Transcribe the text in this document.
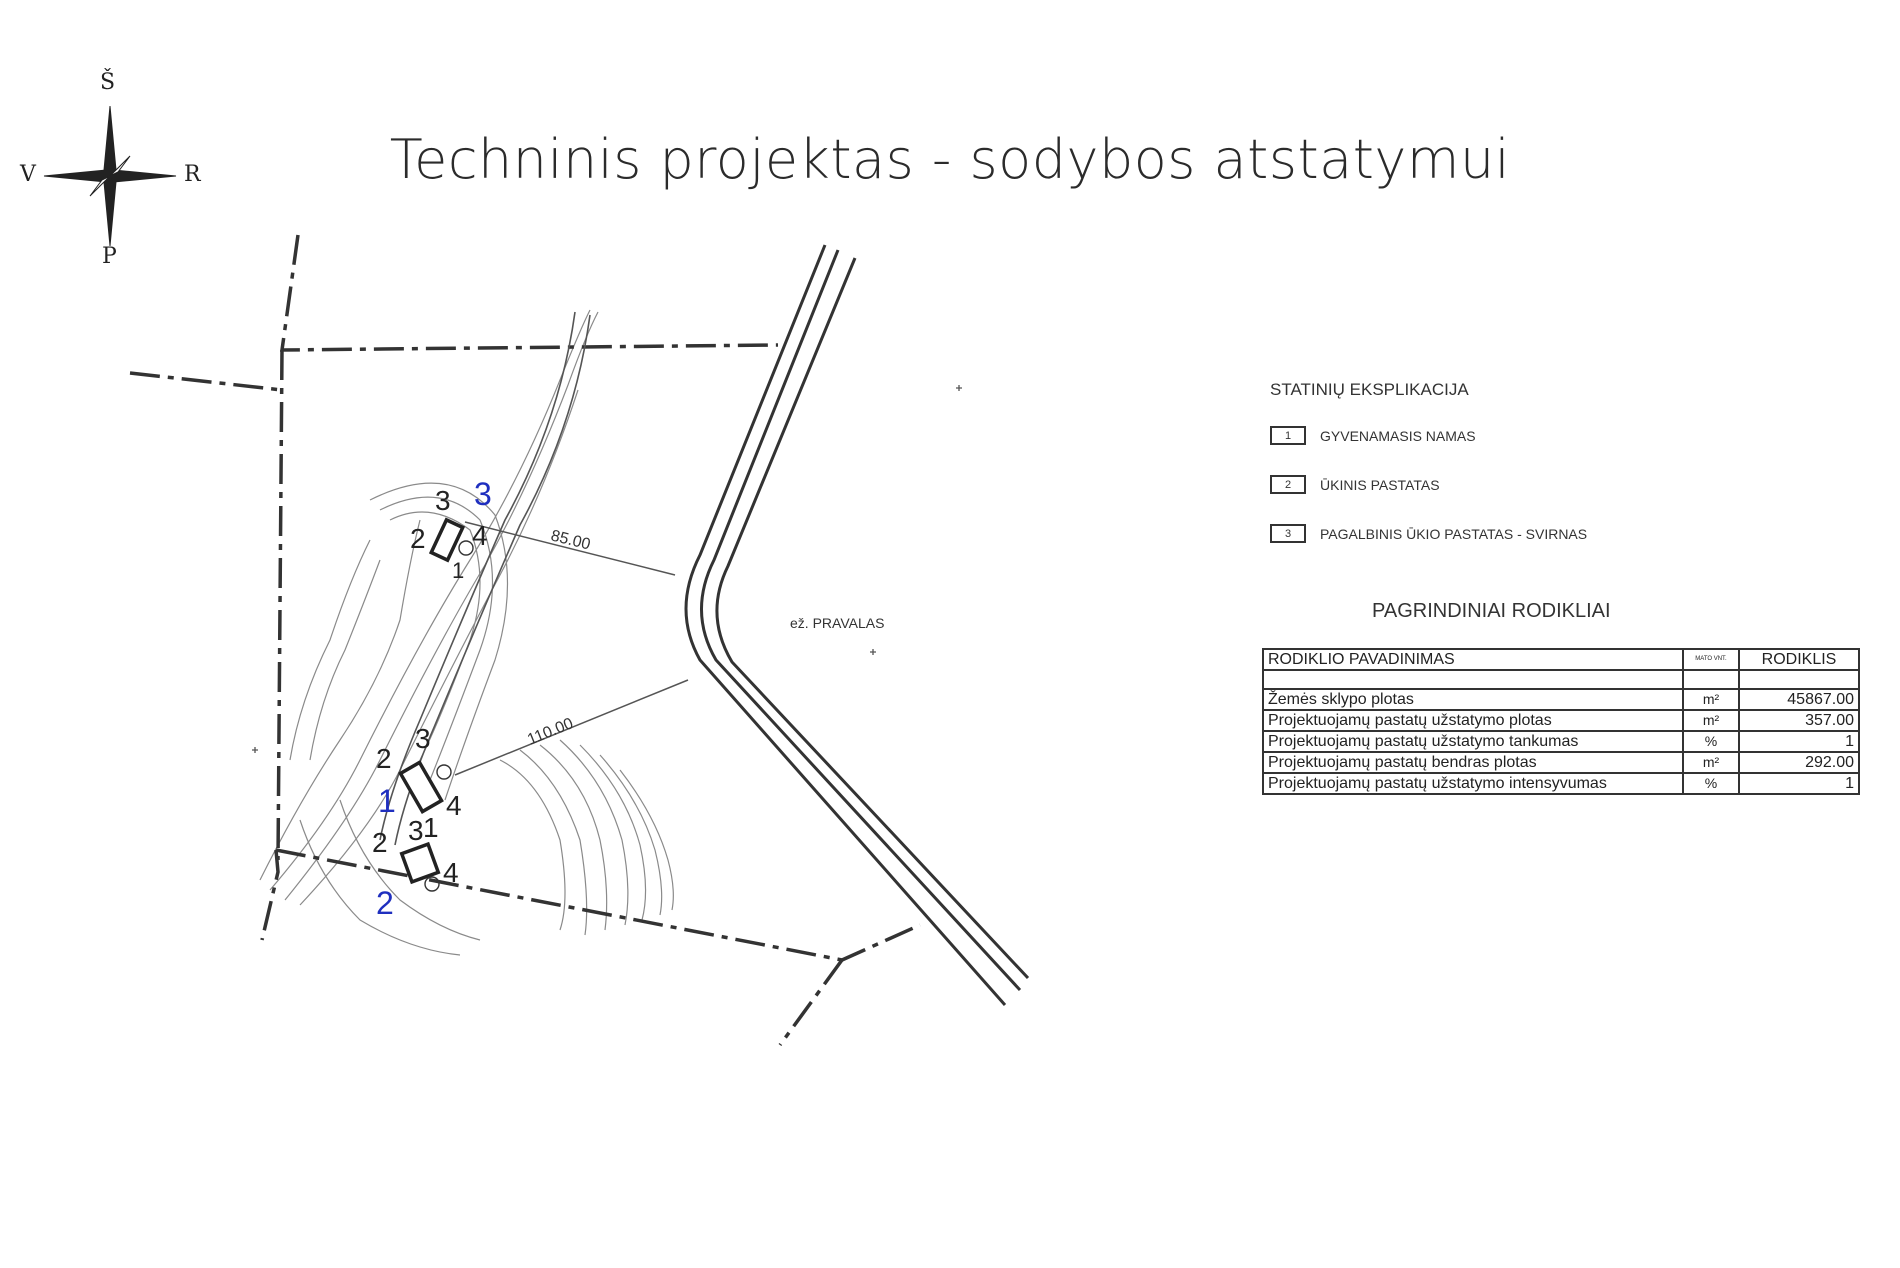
Techninis projektas - sodybos atstatymui
Š
P
V	R
3
2 4
1
3
2
4
3 1
2
4
3
1
2
85.00
110.00
ež. PRAVALAS
STATINIŲ EKSPLIKACIJA
1	GYVENAMASIS NAMAS
2	ŪKINIS PASTATAS
3	PAGALBINIS ŪKIO PASTATAS - SVIRNAS
PAGRINDINIAI RODIKLIAI
RODIKLIO PAVADINIMAS	MATO VNT.	RODIKLIS

Žemės sklypo plotas	m²	45867.00
Projektuojamų pastatų užstatymo plotas	m²	357.00
Projektuojamų pastatų užstatymo tankumas	%	1
Projektuojamų pastatų bendras plotas	m²	292.00
Projektuojamų pastatų užstatymo intensyvumas	%	1
